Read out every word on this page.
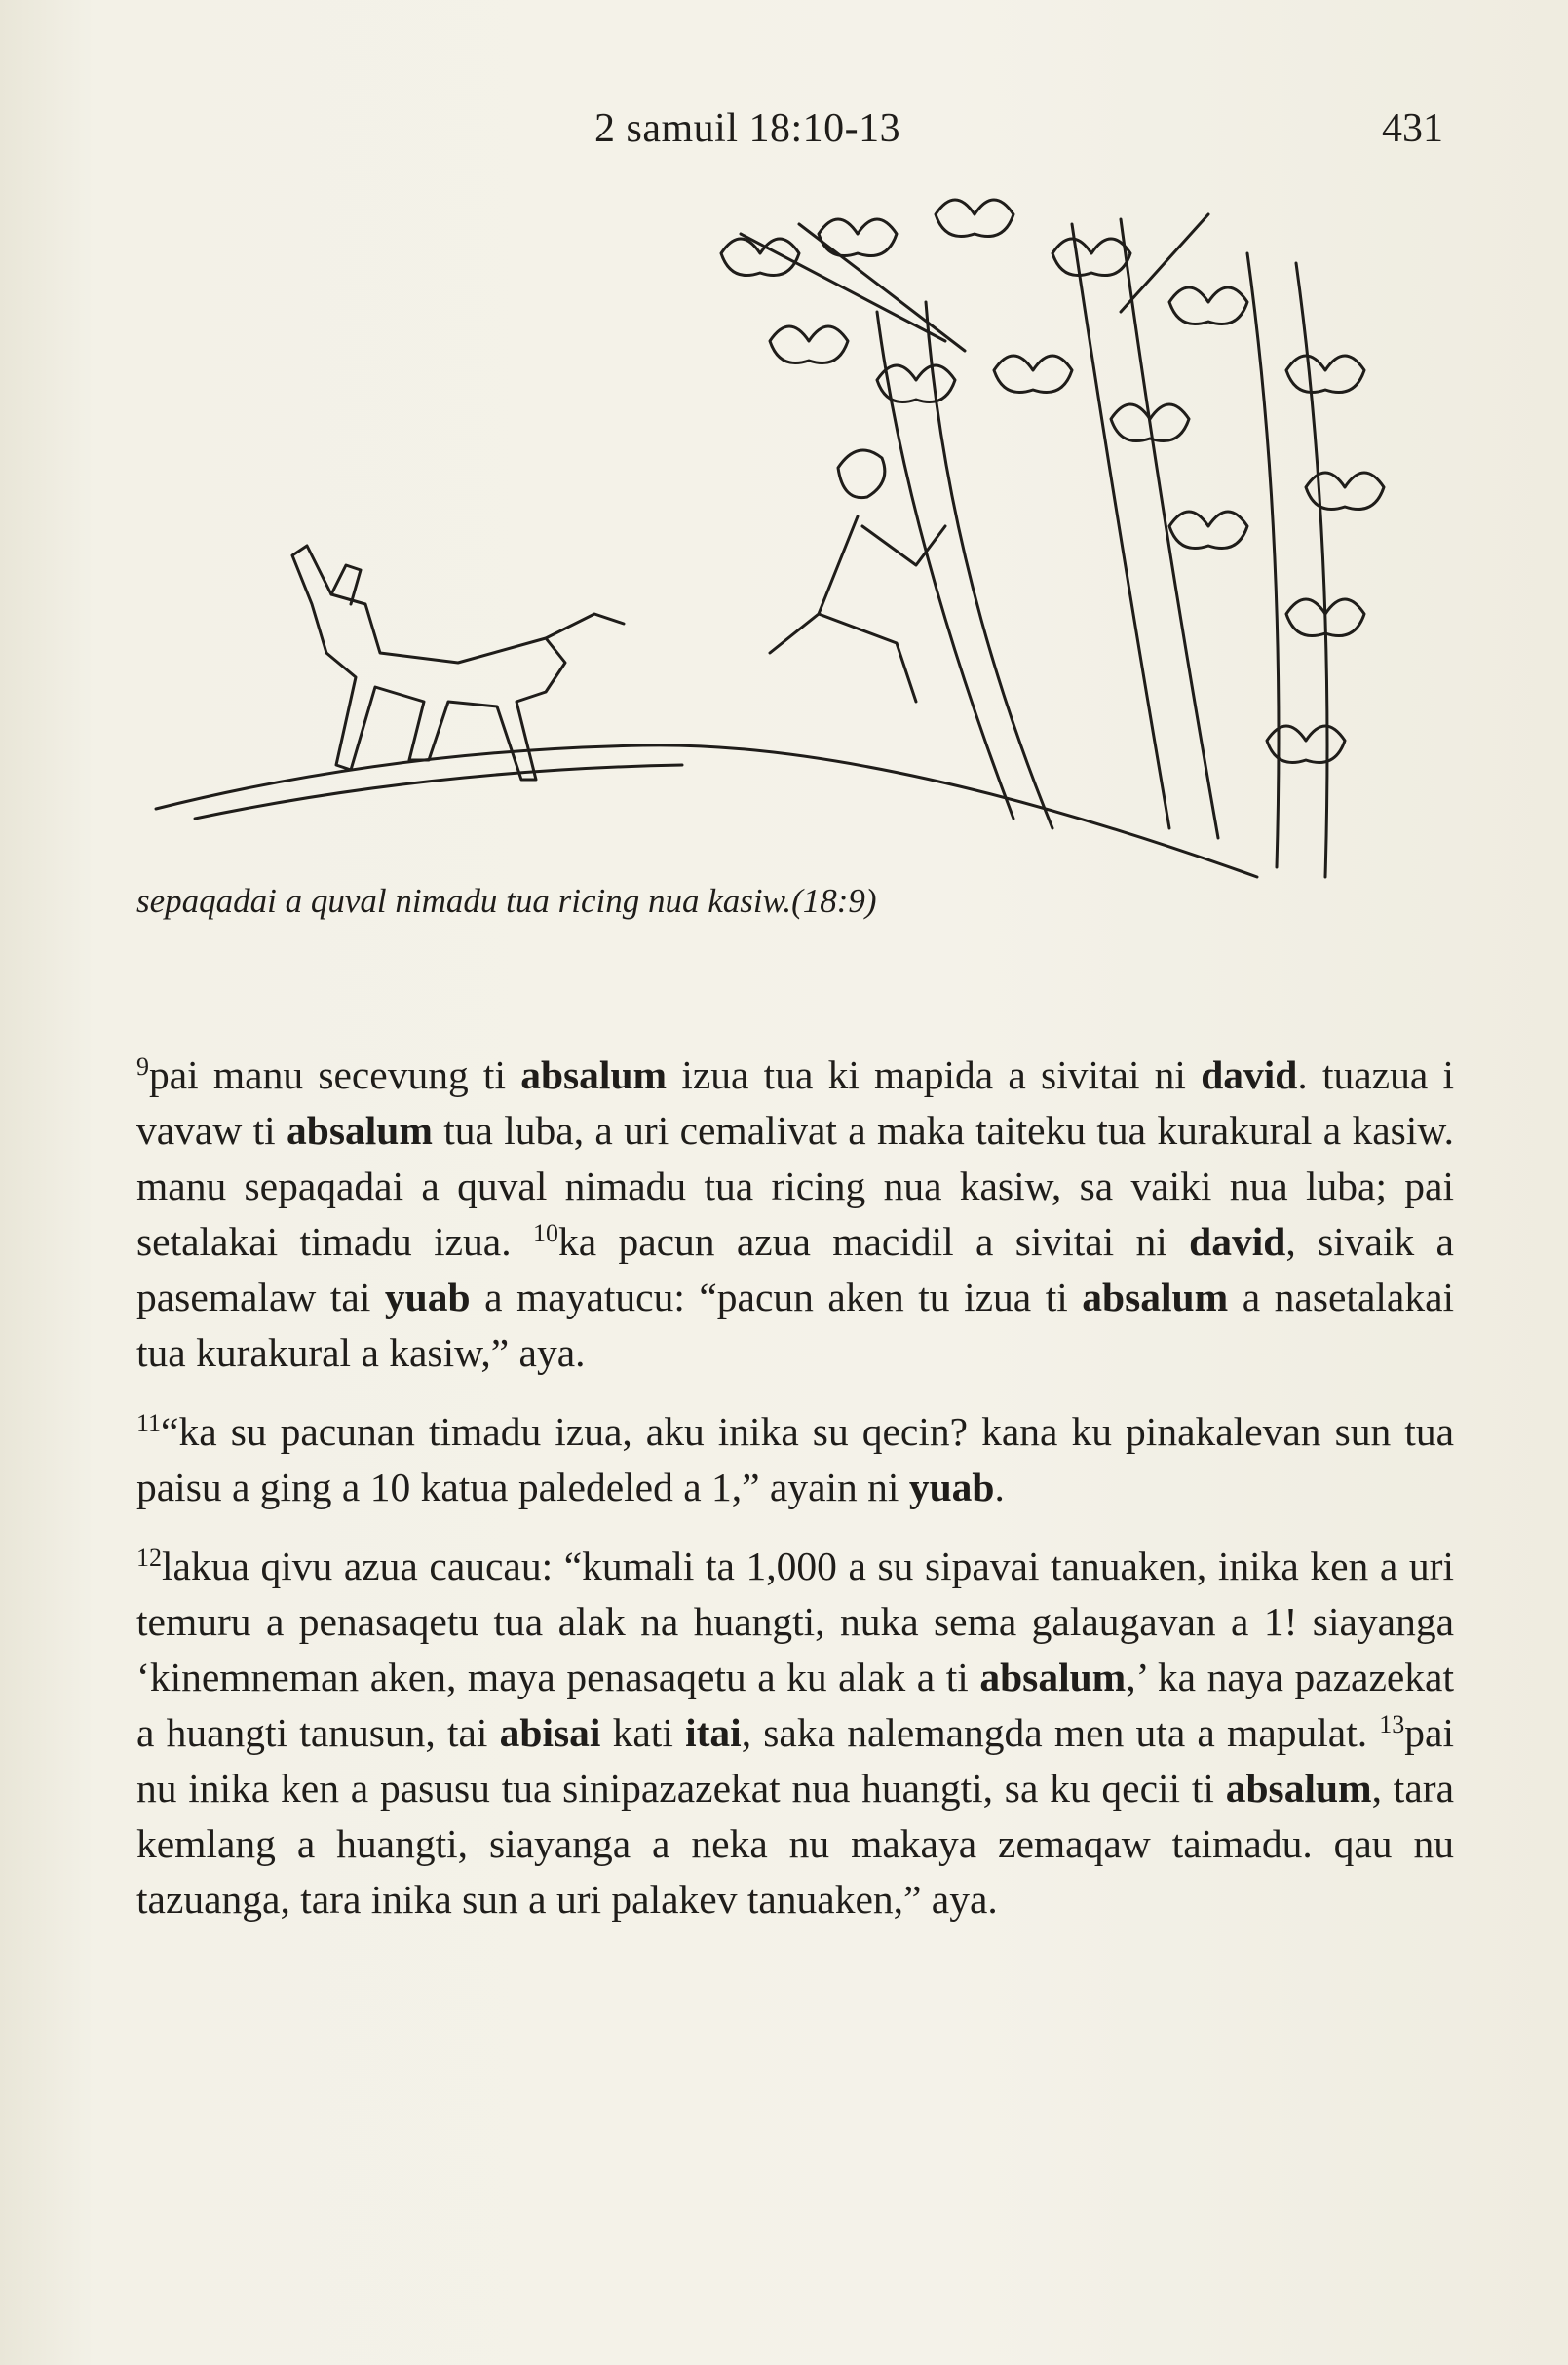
2 samuil 18:10-13	431
sepaqadai a quval nimadu tua ricing nua kasiw.(18:9)

$^9$pai manu secevung ti absalum izua tua ki mapida a sivitai ni david. tuazua i vavaw ti absalum tua luba, a uri cemalivat a maka taiteku tua kurakural a kasiw. manu sepaqadai a quval nimadu tua ricing nua kasiw, sa vaiki nua luba; pai setalakai timadu izua. $^{10}$ka pacun azua macidil a sivitai ni david, sivaik a pasemalaw tai yuab a mayatucu: “pacun aken tu izua ti absalum a nasetalakai tua kurakural a kasiw,” aya.

$^{11}$“ka su pacunan timadu izua, aku inika su qecin? kana ku pinakalevan sun tua paisu a ging a 10 katua paledeled a 1,” ayain ni yuab.

$^{12}$lakua qivu azua caucau: “kumali ta 1,000 a su sipavai tanuaken, inika ken a uri temuru a penasaqetu tua alak na huangti, nuka sema galaugavan a 1! siayanga ‘kinemneman aken, maya penasaqetu a ku alak a ti absalum,’ ka naya pazazekat a huangti tanusun, tai abisai kati itai, saka nalemangda men uta a mapulat. $^{13}$pai nu inika ken a pasusu tua sinipazazekat nua huangti, sa ku qecii ti absalum, tara kemlang a huangti, siayanga a neka nu makaya zemaqaw taimadu. qau nu tazuanga, tara inika sun a uri palakev tanuaken,” aya.
